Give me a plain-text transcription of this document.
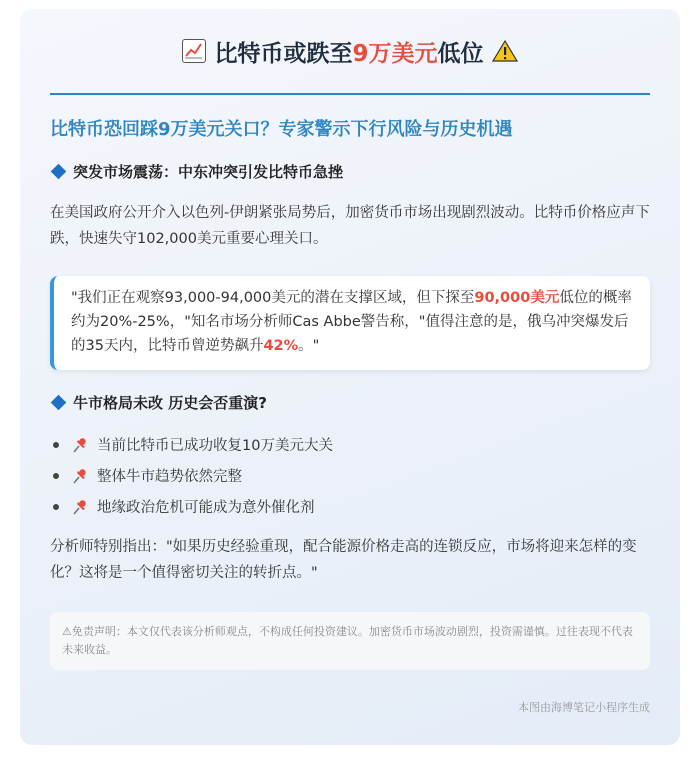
比特币或跌至9万美元低位
比特币恐回踩9万美元关口？专家警示下行风险与历史机遇
突发市场震荡：中东冲突引发比特币急挫
在美国政府公开介入以色列-伊朗紧张局势后，加密货币市场出现剧烈波动。比特币价格应声下跌，快速失守102,000美元重要心理关口。
"我们正在观察93,000-94,000美元的潜在支撑区域，但下探至90,000美元低位的概率约为20%-25%，"知名市场分析师Cas Abbe警告称，"值得注意的是，俄乌冲突爆发后的35天内，比特币曾逆势飙升42%。"
牛市格局未改 历史会否重演?
当前比特币已成功收复10万美元大关
整体牛市趋势依然完整
地缘政治危机可能成为意外催化剂
分析师特别指出："如果历史经验重现，配合能源价格走高的连锁反应，市场将迎来怎样的变化？这将是一个值得密切关注的转折点。"
⚠免责声明：本文仅代表该分析师观点，不构成任何投资建议。加密货币市场波动剧烈，投资需谨慎。过往表现不代表未来收益。
本图由海博笔记小程序生成
